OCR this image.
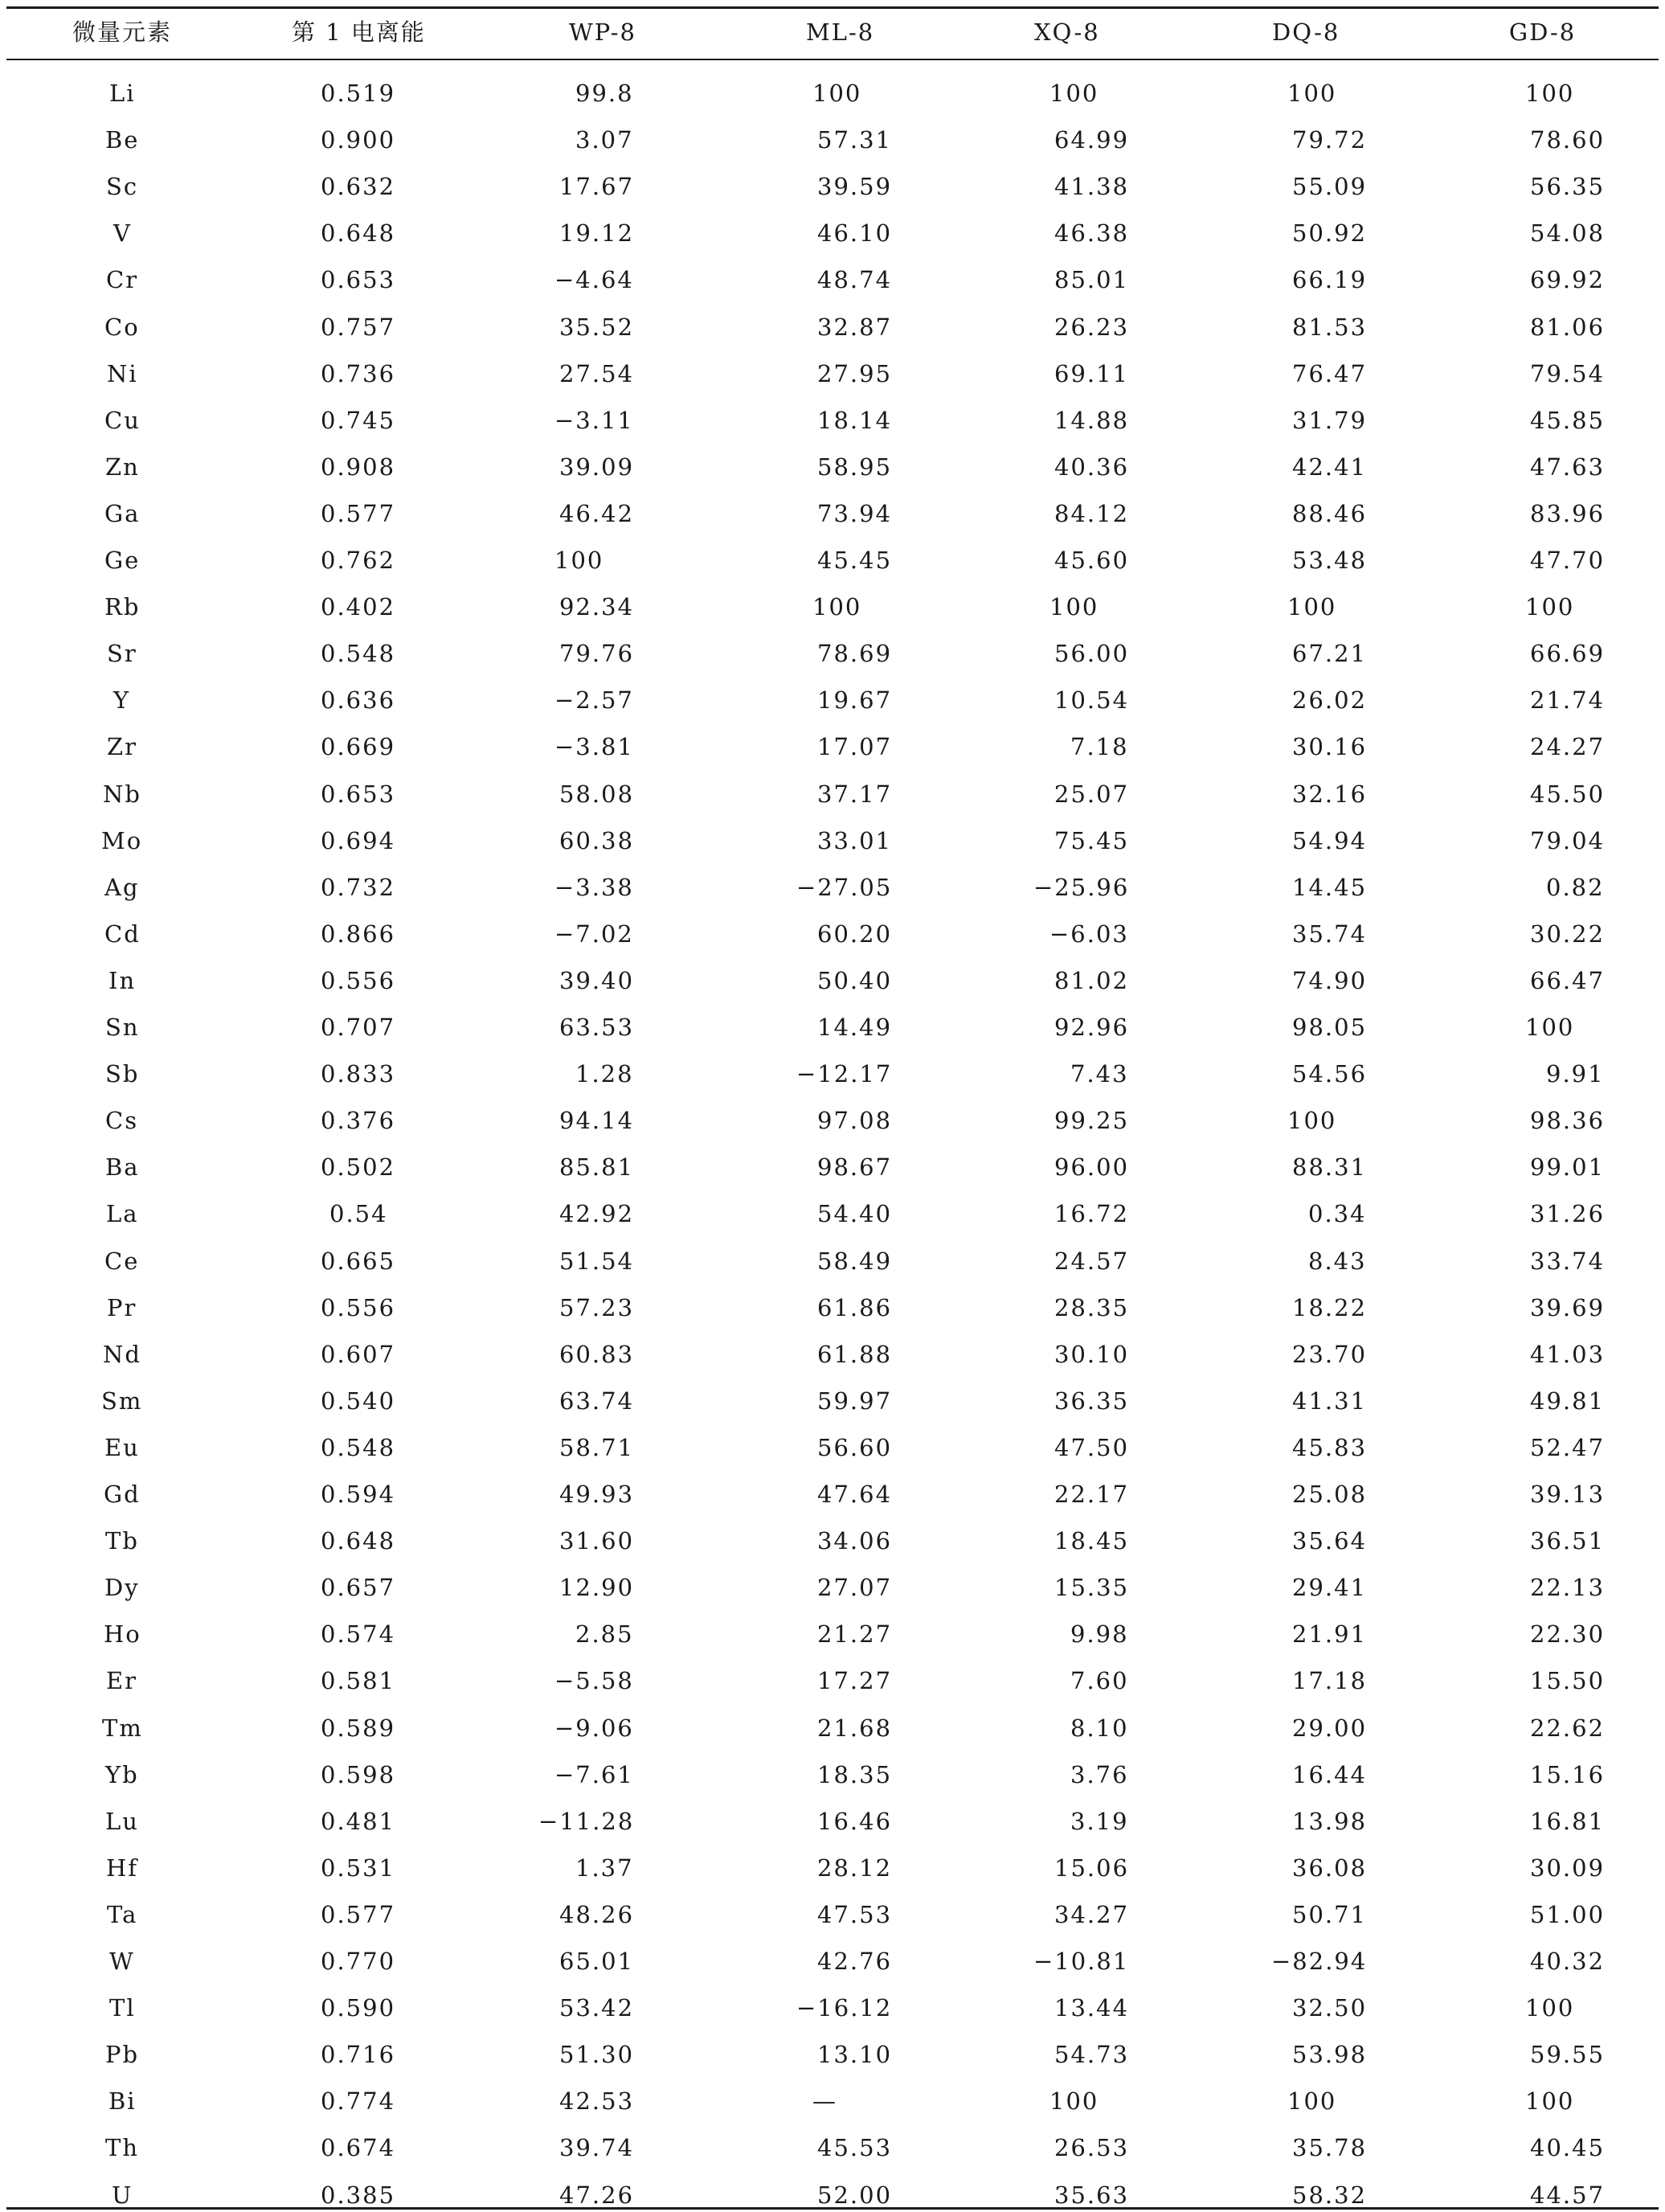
微量元素	第 1 电离能	WP-8	ML-8	XQ-8	DQ-8	GD-8
Li	0.519	99.8	100	100	100	100
Be	0.900	3.07	57.31	64.99	79.72	78.60
Sc	0.632	17.67	39.59	41.38	55.09	56.35
V	0.648	19.12	46.10	46.38	50.92	54.08
Cr	0.653	−4.64	48.74	85.01	66.19	69.92
Co	0.757	35.52	32.87	26.23	81.53	81.06
Ni	0.736	27.54	27.95	69.11	76.47	79.54
Cu	0.745	−3.11	18.14	14.88	31.79	45.85
Zn	0.908	39.09	58.95	40.36	42.41	47.63
Ga	0.577	46.42	73.94	84.12	88.46	83.96
Ge	0.762	100	45.45	45.60	53.48	47.70
Rb	0.402	92.34	100	100	100	100
Sr	0.548	79.76	78.69	56.00	67.21	66.69
Y	0.636	−2.57	19.67	10.54	26.02	21.74
Zr	0.669	−3.81	17.07	7.18	30.16	24.27
Nb	0.653	58.08	37.17	25.07	32.16	45.50
Mo	0.694	60.38	33.01	75.45	54.94	79.04
Ag	0.732	−3.38	−27.05	−25.96	14.45	0.82
Cd	0.866	−7.02	60.20	−6.03	35.74	30.22
In	0.556	39.40	50.40	81.02	74.90	66.47
Sn	0.707	63.53	14.49	92.96	98.05	100
Sb	0.833	1.28	−12.17	7.43	54.56	9.91
Cs	0.376	94.14	97.08	99.25	100	98.36
Ba	0.502	85.81	98.67	96.00	88.31	99.01
La	0.54	42.92	54.40	16.72	0.34	31.26
Ce	0.665	51.54	58.49	24.57	8.43	33.74
Pr	0.556	57.23	61.86	28.35	18.22	39.69
Nd	0.607	60.83	61.88	30.10	23.70	41.03
Sm	0.540	63.74	59.97	36.35	41.31	49.81
Eu	0.548	58.71	56.60	47.50	45.83	52.47
Gd	0.594	49.93	47.64	22.17	25.08	39.13
Tb	0.648	31.60	34.06	18.45	35.64	36.51
Dy	0.657	12.90	27.07	15.35	29.41	22.13
Ho	0.574	2.85	21.27	9.98	21.91	22.30
Er	0.581	−5.58	17.27	7.60	17.18	15.50
Tm	0.589	−9.06	21.68	8.10	29.00	22.62
Yb	0.598	−7.61	18.35	3.76	16.44	15.16
Lu	0.481	−11.28	16.46	3.19	13.98	16.81
Hf	0.531	1.37	28.12	15.06	36.08	30.09
Ta	0.577	48.26	47.53	34.27	50.71	51.00
W	0.770	65.01	42.76	−10.81	−82.94	40.32
Tl	0.590	53.42	−16.12	13.44	32.50	100
Pb	0.716	51.30	13.10	54.73	53.98	59.55
Bi	0.774	42.53	—	100	100	100
Th	0.674	39.74	45.53	26.53	35.78	40.45
U	0.385	47.26	52.00	35.63	58.32	44.57
